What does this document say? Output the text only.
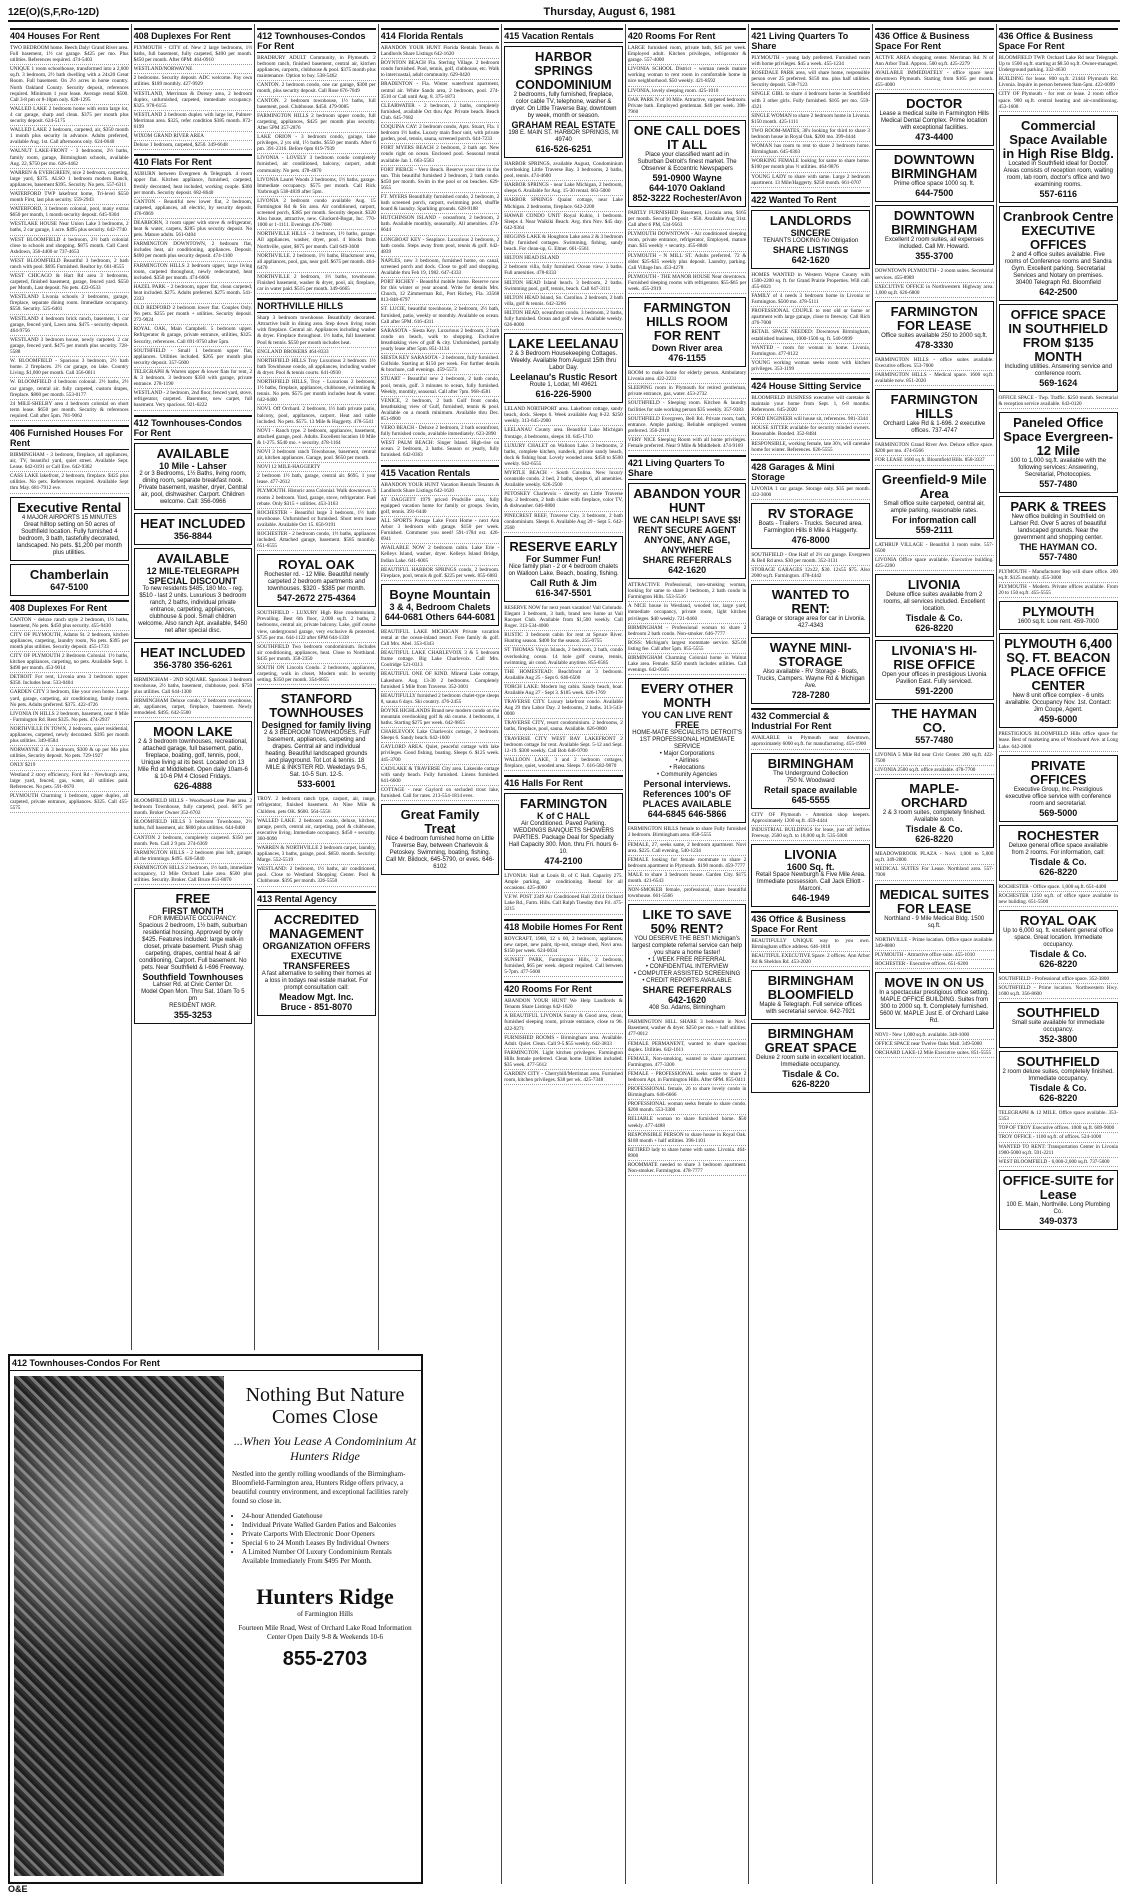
12E(O)(S,F,Ro-12D)	Thursday, August 6, 1981
404 Houses For Rent
TWO BEDROOM home. Beech Daly/ Grand River area. Full basement, 1½ car garage. $425 per mo. Plus utilities. References required. 474-5403
UNIQUE 1 room schoolhouse, transformed into a 2,000 sq.ft. 3 bedroom, 2½ bath dwelling with a 24x20 Great Room. Full basement. On 2½ acres in horse country. North Oakland County. Security deposit, references required. Minimum 1 year lease. Average rental $500. Call 3-8 pm or 8-10pm only. 628-1295
WALLED LAKE 2 bedroom home with extra large lot, 4 car garage, sharp and clean. $375 per month plus security deposit. 624-5175
WALLED LAKE 2 bedroom, carpeted, air, $350 month 1 month plus security in advance. Adults preferred, available Aug. 1st. Call afternoons only. 624-0640
WALNUT LAKE-FRONT - 3 bedrooms, 2½ baths, family room, garage, Birmingham schools, available Aug. 22, $750 per mo. 626-4462
WARREN & EVERGREEN, nice 2 bedroom, carpeting, large yard, $375. ALSO 1 bedroom modern Ranch, appliances, basement $395. Security. No pets. 557-6311
WATERFORD TWP lakefront home, Tri-level $550 month First, last plus security. 559-2943
WATERFORD, 3 bedroom colonial, pool, many extras $650 per month, 1 month security deposit. 645-9304
WESTLAKE HOUSE Near Union Lake 3 bedrooms, 2 baths, 2 car garage, 1 acre. $495 plus security. 642-7740
WEST BLOOMFIELD 4 bedroom, 2½ bath colonial close to schools and shopping. $875 month. Call Carol Ashdown, 356-4400 or 737-4653
WEST BLOOMFIELD Beautiful 3 bedroom, 2 bath ranch with pool. $695 Furnished. Realtor by. 661-8555
WEST CHICAGO & Hart Rd area 3 bedrooms, carpeted, finished basement, garage, fenced yard. $550 per Month, Last deposit. No pets. 422-0533
WESTLAND Livonia schools 3 bedrooms, garage, fireplace, separate dining room. Immediate occupancy. $550. Security. 525-6461
WESTLAND 4 bedroom brick ranch, basement, 1 car garage, fenced yard, Lawn area. $475 - security deposit. 464-9756
WESTLAND 3 bedroom house, newly carpeted. 2 car garage, fenced yard. $475 per month plus security. 728-5588
W. BLOOMFIELD - Spacious 3 bedroom, 2½ bath home. 2 fireplaces. 2½ car garage, on lake. Country Living. $1,000 per month. Call 356-0611
W. BLOOMFIELD 4 bedroom colonial. 2½ baths, 2½ car garage, central air. fully carpeted, custom drapes, fireplace. $800 per month. 553-0177
24 MILE-SHELBY area 4 bedroom colonial on short term lease. $650 per month. Security & references required. Call after 5pm. 781-9062
406 Furnished Houses For Rent
BIRMINGHAM - 3 bedroom, fireplace, all appliances, air, TV, beautiful yard, quiet street. Available Sept. Lease. 642-0191 or Call Eve. 642-9362
CASS LAKE lakefront, 2 bedroom, fireplace. $425 plus utilities. No pets. References required. Available Sept thru May. 681-7912 eve.
Executive Rental
4 MAJOR AIRPORTS 15 MINUTES Great hilltop setting on 50 acres of Southfield location. Fully furnished 4 bedroom, 3 bath, tastefully decorated, landscaped. No pets. $1,200 per month plus utilities.
Chamberlain
647-5100
408 Duplexes For Rent
CANTON - deluxe ranch style 2 bedroom, 1½ baths, basement, No pets. $450 plus security. 455-9430
CITY OF PLYMOUTH, Adams St. 2 bedroom, kitchen appliances, carpeting, laundry room, No pets. $395 per month plus utilities. Security deposit. 455-1733
CITY OF PLYMOUTH 2 Bedroom Colonial. 1½ baths, kitchen appliances, carpeting, no pets. Available Sept. 1. $490 per month. 453-9014
DETROIT For rent, Livonia area 3 bedroom upper. $350. Includes heat. 533-0404
GARDEN CITY 3 bedroom, like your own home. Large yard, garage, carpeting, air conditioning, family room. No pets. Adults preferred. $375. 422-4726
LIVONIA IN HILLS 2 bedroom, basement, near 8 Mile - Farmington Rd. Rent $325. No pets. 474-2937
NORTHVILLE IN TOWN, 2 bedroom, quiet residential, appliances, carpeted, newly decorated. $395 per month plus utilities. 349-0584
NORWAYNE 2 & 3 bedroom, $300 & up per Mo plus utilities, Security deposit. No pets. 729-1927
ONLY $219
Westland 2 story efficiency, Ford Rd - Newburgh area, large yard, fenced, gas, water, all utilities paid. References. No pets. 591-0670
PLYMOUTH Charming 1 bedroom, upper duplex, all carpeted, private entrance, appliances. $325. Call 455-5575
408 Duplexes For Rent
PLYMOUTH - CITY of. New 2 large bedrooms, 1½ baths, full basement, fully carpeted, $400 per month. $450 per month. After 6PM: 464-0910
WESTLAND/NORWAYNE
2 bedrooms. Security deposit. ADC welcome. Pay own utilities. $189 monthly. 427-9929
WESTLAND, Merriman & Dorsey area, 2 bedroom duplex, unfurnished, carpeted, immediate occupancy. $325. 978-6155
WESTLAND 2 bedroom duplex with large lot, Palmer-Merriman area. $325, refer condition $385 month. 872-6199
WIXOM GRAND RIVER AREA
Deluxe 1 bedroom, carpeted, $250. 349-6648
410 Flats For Rent
AUBURN between Evergreen & Telegraph. 4 room upper flat. Kitchen appliance, furnished, carpeted, freshly decorated, heat included, working couple. $360 per month. Security deposit. 682-8640
CANTON - Beautiful new lower flat, 2 bedroom, carpeted, appliances, all electric, by security deposit. 476-6969
DEARBORN, 3 room upper with stove & refrigerator, heat & water, carpets, $285 plus security deposit. No pets. Mature adults. 561-0404
FARMINGTON DOWNTOWN, 2 bedroom flat, includes heat, air conditioning, appliances. Deposit. $400 per month plus security deposit. 474-1100
FARMINGTON HILLS 2 bedroom upper, large living room, carpeted throughout, newly redecorated, heat included. $350 per month. 474-6606
HAZEL PARK - 2 bedroom, upper flat, clean carpeted, heat included. $275. Adults preferred. $275 month. 541-2333
OLD REDFORD 2 bedroom lower flat. Couples Only. No pets. $255 per month + utilities. Security deposit. 272-9024
ROYAL OAK, Main Campbell. 5 bedroom upper. Refrigerator & garage, private entrance, utilities, $325. Security, references. Call 691-9750 after 5pm.
SOUTHFIELD - Small 1 bedroom upper flat, appliances. Utilities included. $265 per month plus security deposit. 357-5600
TELEGRAPH & Warren upper & lower flats for rent, 2 & 3 bedroom. 3 bedroom $350 with garage, private entrance. 278-1190
WESTLAND - 2 bedroom, 2nd floor, fenced yard, stove, refrigerator, carpeted. Basement, new carpet, full basement. Very spacious. 921-6222
412 Townhouses-Condos For Rent
AVAILABLE
10 Mile - Lahser
2 or 3 Bedrooms, 1½ Baths, living room, dining room, separate breakfast nook. Private basement, washer, dryer, Central air, pool, dishwasher. Carport. Children welcome. Call: 356-0966
HEAT INCLUDED
356-8844
AVAILABLE
12 MILE-TELEGRAPH SPECIAL DISCOUNT
To new residents $485, 180 Mo. - reg. $510 - last 2 units. Luxurious 3 bedroom ranch, 2 baths, individual private entrance, carpeting, appliances, clubhouse & pool. Small children welcome. Also ranch Apt. available, $450 net after special disc.
HEAT INCLUDED
356-3780 356-6261
BIRMINGHAM - 2ND SQUARE. Spacious 3 bedroom townhouse, 2½ baths, basement, clubhouse, pool. $750 plus utilities. Call 644-1300
BIRMINGHAM Deluxe condo, 2 bedroom townhouse, air, appliances, carpet, fireplace, basement. Newly remodeled. $495. 642-5500
MOON LAKE
2 & 3 bedroom townhouses, recreational, attached garage, full basement, patio, fireplace, boating, golf, tennis, pool, Unique living at its best. Located on 13 Mile Rd at Middlebelt. Open daily 10am-6 & 10-6 PM 4 Closed Fridays.
626-4888
BLOOMFIELD HILLS - Woodward-Lone Pine area. 2 bedroom Townhouse, fully carpeted, pool. $675 per month. Broker Owner 352-6702
BLOOMFIELD HILLS 3 bedroom Townhouse, 2½ baths, full basement, air. $800 plus utilities. 644-0400
CANTON 2 bedroom, completely carpeted. $350 per month. Pets. Call 2 9 pm. 274-6369
FARMINGTON HILLS - 2 bedroom plus loft, garage, all the trimmings. $495. 626-5840
FARMINGTON HILLS 2 bedroom, 1½ bath, immediate occupancy, 12 Mile Orchard Lake area. $500 plus utilities. Security. Broker. Call Bruce 851-8070
FREE
FIRST MONTH
FOR IMMEDIATE OCCUPANCY. Spacious 2 bedroom, 1½ bath, suburban residential housing. Approved by only $425. Features included: large walk-in closet, private basement. Plush shag carpeting, drapes, central heat & air conditioning, Carport. Full basement. No pets. Near Southfield & I-696 Freeway.
Southfield Townhouses
Lahser Rd. at Civic Center Dr.
Model Open Mon. Thru Sat. 10am To 5 pm
RESIDENT MGR.
355-3253
412 Townhouses-Condos For Rent
BRADBURY ADULT Community, in Plymouth. 2 bedroom ranch, finished basement, central air, kitchen appliances, carports, clubhouse & pool. $375 month plus maintenance. Option to buy. 538-5462
CANTON. 2 bedroom condo, one car garage, $300 per month, plus security deposit. Call Rose 676-7049
CANTON. 2 bedroom townhouse, 1½ baths, full basement, pool. Clubhouse. $450. 479-9085
FARMINGTON HILLS 2 bedroom upper condo, full carpeting, appliances, $425 per month plus security. After 5PM 357-2876
LAKE ORION - 3 bedroom condo, garage, lake privileges, 2 yrs old, 1½ baths. $550 per month. After 6 pm. 391-2316. Before 6pm 619-7939
LIVONIA - LOVELY 3 bedroom condo completely furnished, air conditioned, balcony, carport, adult community. No pets. 478-4870
LIVONIA Laurel Woods 2 bedrooms, 1½ baths, garage. Immediate occupancy. $575 per month. Call Rick Yarbrough 538-4839 after 5pm.
LIVONIA 2 bedroom condo available Aug. 15 Farmington Rd & Six area. Air conditioned, carport, screened porch, $385 per month. Security deposit. $320 Also house, attractive, new. Gluckerd-Bogat, Inc. 770-1000 or 1-1111. Evenings 476-7080
NORTHVILLE HILLS - 2 bedroom, 1½ baths, garage. All appliances, washer, dryer, pool. 4 blocks from Northville, quiet, $675 per month. Call 649-3600
NORTHVILLE. 2 bedroom, 1½ baths, Blackmoor area, all appliances, pool, gas, near golf. $675 per month. 464-6470
NORTHVILLE 2 bedroom, 1½ baths, townhouse. Finished basement, washer & dryer, pool, air, fireplace, car in water paid. $515 per month. 349-6665
NORTHVILLE HILLS
Sharp 3 bedroom townhouse. Beautifully decorated. Attractive built in dining area. Step down living room with fireplace. Central air. Appliances including washer & dryer. Fireplace throughout. 1½ baths, full basement. Pool & tennis. $550 per month includes heat.
ENGLAND BROKERS 464-8333
NORTHFIELD HILLS Troy Luxurious 2 bedroom. 1½ bath Townhouse condo, all appliances, including washer & dryer. Pool & tennis courts. 641-0930
NORTHFIELD HILLS, Troy - Luxurious 2 bedroom, 1½ baths, fireplace, appliances, clubhouse, swimming & tennis. No pets. $575 per month includes heat & water. 642-6400
NOVI. Off Orchard. 2 bedroom, 1½ bath private patio, balcony, pool, appliances, carport. Heat and cable included. No pets. $575. 13 Mile & Haggerty. 478-5541
NOVI - Ranch type. 2 bedroom, appliances, basement, attached garage, pool. Adults. Excellent location 10 Mile & 1-275. $540 mo. + security. 478-1164
NOVI 3 bedroom ranch Townhouse, basement, central air, kitchen appliances. Garage, pool. $650 per month.
NOVI 12 MILE-HAGGERTY
2 bedroom 1½ bath, garage, central air. $695. 1 year lease. 477-2612
PLYMOUTH. Historic area Colonial. Walk downtown. 3 rooms 2 bedroom. Yard, garage, stove, refrigerator. Fuel rebate. Only $315 + utilities. 453-3163
ROCHESTER - Beautiful large 3 bedroom, 1½ bath townhouse. Unfurnished or furnished. Short term lease available. Available Oct 15. 656-9191
ROCHESTER - 2 bedroom condo, 1½ baths, appliances included. Attached garage, basement. $585 monthly. 651-6555
ROYAL OAK
Rochester rd. - 12 Mile. Beautiful newly carpeted 2 bedroom apartments and townhouses. $320 - $385 per month.
547-2672 275-4364
SOUTHFIELD - LUXURY High Rise condominium, Prevailing. Best 6th floor, 2,000 sq.ft. 2 baths, 2 bedrooms, central air, private balcony. Lake, golf course view, underground garage, very exclusive & protected. $725 per mo. 644-1122 after 6PM 644-1338
SOUTHFIELD Two bedroom condominium. Includes air conditioning, appliances, heat. Close to Northland. $435 per month. 358-2350
SOUTH ON Lincoln Condo. 2 bedrooms, appliances, carpeting, walk in closet, Modern unit. In security setting. $350 per month. 354-6855
STANFORD TOWNHOUSES
Designed for family living
2 & 3 BEDROOM TOWNHOUSES. Full basement, appliances, carpeting and drapes. Central air and individual heating. Beautiful landscaped grounds and playground. Tot Lot & tennis. 18 MILE & INKSTER RD. Weekdays 9-5, Sat. 10-5 Sun. 12-5.
533-6001
TROY. 2 bedroom ranch type, carport, air, range, refrigerator, finished basement. At Nine Mile & Children. pets OK. $600. 564-5556
WALLED LAKE. 2 bedroom condo, deluxe, kitchen, garage, porch, central air, carpeting, pool & clubhouse, executive living. Immediate occupancy. $450 + security. 360-0090
WARREN & NORTHVILLE 2 bedroom carpet, laundry, appliances, 3 baths, garage, pool. $850. month. Security. Marge. 552-5519
WESTLAND: 2 bedroom, 1½ baths, air conditioned, pool. Close to Westland Shopping Center. Pool & Clubhouse. $395 per month. 326-5550
413 Rental Agency
ACCREDITED MANAGEMENT
ORGANIZATION OFFERS EXECUTIVE TRANSFEREES
A fast alternative to selling their homes at a loss in todays real estate market. For prompt consultation call:
Meadow Mgt. Inc.
Bruce - 851-8070
414 Florida Rentals
ABANDON YOUR HUNT Florida Rentals Tennis & Landlords Share Listings 642-1620
BOYNTON BEACH Fla. Sterling Village. 2 bedroom condo furnished. Pool, tennis, golf, clubhouse, etc. Walk to intercoastal, adult community. 629-0420
BRADENTON - Fla. Winter waterfront apartment, central air. White Sands area, 2 bedroom, pool. 274-3510 or Call until Aug. 8. 375-1873
CLEARWATER - 2 bedroom, 2 baths, completely furnished, available Oct thru Apr. Private beach. Beach Club. 645-7682
COQUINA CAY: 2 bedroom condo, Apts. Stuart, Fla. 1 bedroom 1½ baths. Luxury main floor unit, with private garden, pool, tennis, sauna, screened porch. 644-7233
FORT MYERS BEACH 2 bedroom, 2 bath apt. New condo right on ocean. Enclosed pool. Seasonal rental available Jan 1. 663-5563
FORT PIERCE - Vero Beach. Reserve your time in the sun. This beautiful furnished 2 bedroom, 2 bath condo. $450 per month. Swim in the pool or on beaches. 629-5655
FT. MYERS Beautifully furnished condo, 2 bedroom, 2 bath screened porch, carport, swimming pool, shuffle board & laundry. Sparkling grounds. 628-9108
HUTCHINSON ISLAND - oceanfront, 2 bedroom, 2 bath. Available monthly, seasonally. All amenities. 474-6644
LONGBOAT KEY - Seaplace. Luxurious 2 bedroom, 2 bath condo. Steps away from pool, tennis & golf. 642-4839
NAPLES, new 3 bedroom, furnished home, on canal, screened porch and dock. Close to golf and shopping. Available thru Feb 19, 1982. 647-4333
PORT RICHEY - Beautiful mobile home. Reserve now for this winter or year around. Write for details Mrs. Church, 12 Zimmerman Rd., Port Richey, Fla. 33568 813-848-6797
ST. LUCIE, beautiful townhouse, 2 bedroom, 2½ bath, furnished, patio, weekly or monthly. Available on ocean. Call after 5PM. 616-4311
SARASOTA - Siesta Key. Luxurious 2 bedroom, 2 bath condo on beach, walk to shopping. Exclusive breathtaking view of gulf & city. Unfurnished, partially yearly lease after 5pm. 851-3134
SIESTA KEY SARASOTA - 2 bedroom, fully furnished. Gulfside. Starting at $150 per week. For further details & brochure, call evenings. 459-5573
STUART - Beautiful new 2 bedroom, 2 bath condo, pool, tennis, golf. 3 minutes to ocean, fully furnished. Weekly, monthly, seasonal. Call after 7pm. 968-4581
VENICE, 2 bedroom, 2 bath Gulf front condo, breathtaking view of Gulf, furnished, tennis & pool. Available on a month minimum. Available thru Dec. 851-8900
VERO BEACH - Deluxe 2 bedroom, 2 bath oceanfront, fully furnished condo, available immediately. 623-2890
WEST PALM BEACH: Singer Island. High-rise on ocean. 2 bedroom, 2 baths. Season or yearly, fully furnished. 642-0363
415 Vacation Rentals
ABANDON YOUR HUNT Vacation Rentals Tenants & Landlords Share Listings 642-1620
AT DAGGETT 1979 priced Prudville area, fully equipped vacation home for family or groups. Swim, golf, tennis. 391-6440
ALL SPORTS Portage Lake Front Home - next Ann Arbor 3 bedroom with garage. $150 per week. Furnished. Commuter you need! 591-1784 ext. 426-6941
AVAILABLE NOW 2 bedroom cabin. Lake Erie - Kelleys Island, washer, dryer. Kelleys Island Bridge, Indian Lake. 641-6005
BEAUTIFUL HARBOR SPRINGS condo, 2 bedroom. Fireplace, pool, tennis & golf. $225 per week. 855-6883
Boyne Mountain
3 & 4, Bedroom Chalets
644-0681 Others 644-6081
BEAUTIFUL LAKE MICHIGAN Private vacation rental at the ocean-inland resort. Fore family & golf. Call Mrs. Abel. 353-6343
BEAUTIFUL LAKE CHARLEVOIX 3 & 5 bedroom frame cottage. Big Lake Charlevoix. Call Mrs. Coolridge 521-0313
BEAUTIFUL ONE OF KIND. Mineral Lake cottage, Lakeshore. Aug. 13-30 2 bedrooms. Completely furnished 5 Mile from Traverse. 352-3001
BEAUTIFULLY furnished 2 bedroom chalet-type sleeps 8, sauna 6 days. Ski country. 476-2455
BOYNE HIGHLANDS Brand new modern condo on the mountain overlooking golf & ski course. 4 bedrooms, 4 baths. Starting $275 per week. 642-9855
CHARLEVOIX Lake Charlevoix cottage, 2 bedroom. Sleeps 6. Sandy beach. 642-1600
GAYLORD AREA. Quiet, peaceful cottage with lake privileges. Good fishing, boating. Sleeps 6. $125 week. 445-3700
CAD/LAKE & TRAVERSE City area. Lakeside cottage with sandy beach. Fully furnished. Linens furnished. 641-6600
COTTAGE - near Gaylord on secluded trout lake, furnished. Call for rates. 213-554-1814 eves.
Great Family Treat
Nice 4 bedroom furnished home on Little Traverse Bay, between Charlevoix & Petoskey. Swimming, boating, fishing. Call Mr. Bildock, 645-5790, or eves. 646-6102
415 Vacation Rentals
HARBOR SPRINGS CONDOMINIUM
2 bedrooms, fully furnished, fireplace, color cable TV, telephone, washer & dryer. On Little Traverse Bay, downtown by week, month or season.
GRAHAM REAL ESTATE
198 E. MAIN ST. HARBOR SPRINGS, MI 49740
616-526-6251
HARBOR SPRINGS, available August, Condominium overlooking Little Traverse Bay. 3 bedrooms, 2 baths, pool, tennis. 474-4600
HARBOR SPRINGS - near Lake Michigan, 2 bedroom, sleeps 6. Available for Aug. 15-30 rental. 663-5000
HARBOR SPRINGS Quaint cottage, near Lake Michigan. 2 bedrooms, fireplace. 642-2200
HAWAII CONDO UNIT Royal Kuhio, 1 bedroom. Sleeps 4. Near Waikiki Beach. Avg. thru Nov. $45 day. 642-9364
HIGGINS LAKE & Houghton Lake area 2 & 3 bedroom fully furnished cottages. Swimming, fishing, sandy beach. For clean-up, G. Eltner. 661-5561
HILTON HEAD ISLAND
2 bedroom villa, fully furnished. Ocean view. 3 baths. Full amenities. 478-8333
HILTON HEAD Island beach. 3 bedroom, 2 baths. Swimming pool, golf, tennis, beach. Call 647-3111
HILTON HEAD Island, So. Carolina. 2 bedroom, 2 bath villa, golf & tennis. 642-3266
HILTON HEAD, oceanfront condo. 3 bedroom, 2 baths, fully furnished. Ocean and golf views. Available weekly. 626-8000
LAKE LEELANAU
2 & 3 Bedroom Housekeeping Cottages. Weekly. Available from August 15th thru Labor Day.
Leelanau's Rustic Resort
Route 1, Lodar, MI 49621
616-226-5900
LELAND NORTHPORT area. Lakefront cottage, sandy beach, dock. Sleeps 6. Week available Aug 8-22. $250 weekly. 313-645-2900
LEELANAU County area. Beautiful Lake Michigan frontage, 4 bedrooms, sleeps 10. 645-1710
LUXURY CHALET on Walloon Lake. 3 bedrooms, 2 baths, complete kitchen, sundeck, private sandy beach, dock & fishing boat. Lovely wooded area. $450 to $500 weekly. 642-6555
MYRTLE BEACH - South Carolina. New luxury oceanside condo. 2 bed, 2 baths, sleeps 6, all amenities. Available weekly. 626-2500
PETOSKEY Charlevoix - directly on Little Traverse Bay. 2 bedroom, 2 bath chalet with fireplace, color TV, & dishwasher. 646-0800
PINECREST REEF, Traverse City. 3 bedroom, 2 bath condominium. Sleeps 6. Available Aug 29 - Sept 5. 642-2560
RESERVE EARLY
For Summer Fun!
Nice family plan - 2 or 4 bedroom chalets on Walloon Lake. Beach, boating, fishing.
Call Ruth & Jim
616-347-5501
RESERVE NOW for next years vacation! Vail Colorado. Elegant 3 bedroom, 3 bath, brand new home at Vail Racquet Club. Available from $1,500 weekly. Call Roger. 313-534-4000
RUSTIC 3 bedroom cabin for rent at Spruce River. Hunting season. $400 for the season. 255-0755
ST THOMAS Virgin Islands, 2 bedroom, 2 bath, condo overlooking ocean. 14 hole golf course, tennis, swimming, air cond. Available anytime. 855-6585
THE HOMESTEAD: Beachfront at 3 bedroom. Available Aug 25 - Sept 6. 646-6500
TORCH LAKE: Modern log cabin. Sandy beach, boat. Available Aug 27 - Sept 3. $185 week. 626-1769
TRAVERSE CITY. Luxury lakefront condo. Available Aug 29 thru Labor Day. 2 bedrooms, 2 baths. 313-543-0000
TRAVERSE CITY, resort condominium. 2 bedrooms, 2 baths, fireplace, pool, sauna. Available. 626-0800
TRAVERSE CITY WEST BAY LAKEFRONT 2 bedroom cottage for rent. Available Sept. 5-12 and Sept. 12-19. $300 weekly. Call Bob 646-9700
WALLOON LAKE, 3 and 2 bedroom cottages, fireplace, quiet, wooded area. Sleeps 7. 616-582-9870
416 Halls For Rent
FARMINGTON
K of C HALL
Air Conditioned. Paved Parking. WEDDINGS BANQUETS SHOWERS PARTIES. Package Deal for Specialty Hall Capacity 300. Mon. thru Fri. hours 6-10.
474-2100
LIVONIA: Hall at Louis R. of C Hall. Capacity 275. Ample parking, air conditioning. Rental for all occasions. 425-4000
V.F.W. POST 2349 Air Conditioned Hall 22414 Orchard Lake Rd., Farm. Hills. Call Ralph Tuesday thru Fri. 475-3215
418 Mobile Homes For Rent
ROYCRAFT, 1968, 12 x 60, 2 bedroom, appliances, new carpet, new paint, tip-out, storage shed, Novi area. $150 per week. 624-0034
SUNSET PARK, Farmington Hills, 2 bedroom, furnished, $65 per week. deposit required. Call between 5-7pm. 477-5600
420 Rooms For Rent
ABANDON YOUR HUNT We Help Landlords & Tenants Share Listings 642-1620
A BEAUTIFUL LIVONIA Sunny & Good area, clean, furnished sleeping room, private entrance, close to 96. 422-9271
FURNISHED ROOMS - Birmingham area. Available. Adult. Quiet. Clean. Call 9-5 $55 weekly. 642-3833
FARMINGTON. Light kitchen privileges. Farmington Hills female preferred. Clean home. Utilities included. $35 week. 477-5612
GARDEN CITY - Cherryhill/Merriman area. Furnished room, kitchen privileges. $38 per wk. 425-7348
420 Rooms For Rent
LARGE furnished room, private bath, $45 per week. Employed adult. Kitchen privileges, refrigerator & garage. 557-4000
LIVONIA SCHOOL District - woman needs mature working woman to rent room in comfortable home in nice neighborhood. $50 weekly. 421-8592
LIVONIA, lovely sleeping room. 425-1010
OAK PARK N of 10 Mile. Attractive, carpeted bedroom. Private bath. Employed gentleman. $40 per week. 398-7960
ONE CALL DOES IT ALL
Place your classified want ad in Suburban Detroit's finest market. The Observer & Eccentric Newspapers
591-0900 Wayne
644-1070 Oakland
852-3222 Rochester/Avon
PARTLY FURNISHED Basement, Livonia area, $165 per month. Security Deposit - $50. Available Aug 31st. Call after 6 PM, 534-9563
PLYMOUTH DOWNTOWN - Air conditioned sleeping room, private entrance, refrigerator, Employed, mature man. $35 weekly + security. 455-8846
PLYMOUTH - N MILL ST. Adults preferred. 72 & older. $25-$35 weekly plus deposit. Laundry, parking. Call Village Inn. 453-4278
PLYMOUTH - THE MANOR HOUSE Near downtown. Furnished sleeping rooms with refrigerator. $55-$65 per week. 455-2919
FARMINGTON HILLS ROOM FOR RENT
Down River area
476-1155
ROOM to make home for elderly person. Ambulatory Livonia area. 422-2231
SLEEPING room in Plymouth for retired gentleman, private entrance, gas, water. 453-2732
SOUTHFIELD - Sleeping room. Kitchen & laundry facilities for sale working person $35 weekly. 357-9383
SOUTHFIELD Evergreen, Bell Rd. Private room, bath, entrance. Ample parking. Reliable employed women preferred. 356-2918
VERY NICE Sleeping Room with all home privileges. Female preferred. Near 9 Mile & Middlebelt. 474-9169
421 Living Quarters To Share
ABANDON YOUR HUNT
WE CAN HELP! SAVE $$! RENT SECURE AGENT ANYONE, ANY AGE, ANYWHERE
SHARE REFERRALS
642-1620
ATTRACTIVE Professional, non-smoking woman, looking for same to share 3 bedroom, 2 bath condo in Farmington Hills. 553-5516
A NICE house in Westland, wooded lot, large yard, immediate occupancy, private room, light kitchen privileges. $40 weekly. 721-0460
BIRMINGHAM - Professional woman to share 2 bedroom 2 bath condo. Non-smoker. 646-7777
BOSS: Michigan's largest roommate service. $25.00 listing fee. Call after 5pm. 855-5555
BIRMINGHAM Charming Colonial home in Walnut Lake area. Female. $250 month includes utilities. Call evenings. 642-0505
EVERY OTHER MONTH
YOU CAN LIVE RENT FREE
HOME-MATE SPECIALISTS DETROIT'S 1ST PROFESSIONAL HOMEMATE SERVICE
• Major Corporations
• Airlines
• Relocations
• Community Agencies
Personal interviews. References 100's OF PLACES AVAILABLE
644-6845 646-5866
FARMINGTON HILLS female to share Fully furnished 2 bedroom. Birmingham area. 858-5555
FEMALE, 27, seeks same, 2 bedroom apartment. Novi area. $225. Call evening. 540-1234
FEMALE looking for female roommate to share 2 bedroom apartment in Plymouth. $190 month. 459-7777
MALE to share 3 bedroom house. Garden City. $175 month. 421-6543
NON-SMOKER female, professional, share beautiful townhouse. 661-5566
LIKE TO SAVE 50% RENT?
YOU DESERVE THE BEST! Michigan's largest complete referral service can help you share a home faster!
• 1 WEEK FREE REFERRAL
• CONFIDENTIAL INTERVIEW
• COMPUTER ASSISTED SCREENING
• CREDIT REPORTS AVAILABLE
SHARE REFERRALS
642-1620
408 So. Adams, Birmingham
FARMINGTON HILL SHARE 3 bedroom in Novi. Basement, washer & dryer. $250 per mo. + half utilities. 477-0012
FEMALE PERMANENT, wanted to share spacious duplex. Utilities. 642-1611
FEMALE, Non-smoking, wanted to share apartment. Farmington. 477-3300
FEMALE - PROFESSIONAL seeks same to share 2 bedroom Apt. in Farmington Hills. After 6PM. 855-0411
PROFESSIONAL female, 26 to share lovely condo in Birmingham. 646-6666
PROFESSIONAL woman seeks female to share condo. $200 month. 553-3300
RELIABLE woman to share furnished home. $50 weekly. 477-4488
RESPONSIBLE PERSON to share house in Royal Oak. $180 month + half utilities. 398-1101
RETIRED lady to share home with same. Livonia. 464-8900
ROOMMATE needed to share 3 bedroom apartment. Non-smoker. Farmington. 478-7777
421 Living Quarters To Share
PLYMOUTH - young lady preferred. Furnished room with home privileges. $45 a week. 455-1234
ROSEDALE PARK area, will share home, responsible person over 25 preferred. $150 mo. plus half utilities. Security deposit. 538-7123
SINGLE GIRL to share 4 bedroom home in Southfield with 3 other girls. Fully furnished. $165 per mo. 559-4321
SINGLE WOMAN to share 2 bedroom home in Livonia. $150 month. 425-1111
TWO ROOM-MATES, 30's looking for third to share 3 bedroom house in Royal Oak. $200 mo. 399-4444
WOMAN has room to rent to share 2 bedroom home. Birmingham. 645-0303
WORKING FEMALE looking for same to share home. $100 per month plus ½ utilities. 464-9876
YOUNG LADY to share with same. Large 2 bedroom apartment. 13 Mile/Haggerty. $250 month. 661-0707
422 Wanted To Rent
LANDLORDS
SINCERE
TENANTS LOOKING No Obligation
SHARE LISTINGS
642-1620
HOMES WANTED in Western Wayne County with 1500-2200 sq. ft. for Grand Prairie Properties. Will call. 455-6021
FAMILY of 4 needs 3 bedroom home in Livonia or Farmington. $500 mo. 478-5111
PROFESSIONAL COUPLE to rent old or home or apartment with large garage, close to freeway. Call Rich 476-7000
RETAIL SPACE NEEDED: Downtown Birmingham, established business, 1000-1500 sq. ft. 540-9999
WANTED - room for woman in home. Livonia, Farmington. 477-0122
YOUNG working woman seeks room with kitchen privileges. 353-1199
424 House Sitting Service
BLOOMFIELD BUSINESS executive will caretake & maintain your home from Sept. 1, 6-8 months. References. 645-2020
FORD ENGINEER will house sit, references. 981-3344
HOUSE SITTER available for security minded owners. Reasonable. Bonded. 352-8484
RESPONSIBLE, working female, late 30's, will caretake home for winter. References. 626-5555
428 Garages & Mini Storage
LIVONIA 1 car garage. Storage only. $35 per month. 422-3000
RV STORAGE
Boats - Trailers - Trucks. Secured area. Farmington Hills 8 Mile & Haggerty.
476-8000
SOUTHFIELD - One Half of 2½ car garage. Evergreen & Bell Rd area. $30 per month. 352-3131
STORAGE GARAGES 12x22, $30. 12x55 $75. Also 2000 sq.ft. Farmington. 478-4442
WANTED TO RENT:
Garage or storage area for car in Livonia. 427-4343
WAYNE MINI-STORAGE
Also available - RV Storage - Boats, Trucks, Campers. Wayne Rd & Michigan Ave.
728-7280
432 Commercial & Industrial For Rent
AVAILABLE in Plymouth near downtown, approximately 6000 sq.ft. for manufacturing. 455-1900
BIRMINGHAM
The Underground Collection
750 N. Woodward
Retail space available
645-5555
CITY OF Plymouth - Attention shop keepers. Approximately 1200 sq.ft. 459-4444
INDUSTRIAL BUILDINGS for lease, just off Jeffries Freeway. 2500 sq.ft. to 10,000 sq.ft. 535-5000
LIVONIA
1600 Sq. ft.
Retail Space Newburgh & Five Mile Area. Immediate possession. Call Jack Elliott - Marconi.
646-1949
436 Office & Business Space For Rent
BEAUTIFULLY UNIQUE way to you own. Birmingham office address. 646-1818
BEAUTIFUL EXECUTIVE Space. 2 offices. Ann Arbor Rd & Sheldon Rd. 453-2020
BIRMINGHAM BLOOMFIELD
Maple & Telegraph. Full service offices with secretarial service. 642-7921
BIRMINGHAM GREAT SPACE
Deluxe 2 room suite in excellent location. Immediate occupancy.
Tisdale & Co.
626-8220
436 Office & Business Space For Rent
ACTIVE AREA shopping center. Merriman Rd. N of Ann Arbor Trail. Approx. 500 sq.ft. 425-2279
AVAILABLE IMMEDIATELY - office space near downtown Plymouth. Starting from $165 per month. 455-4000
DOCTOR
Lease a medical suite in Farmington Hills Medical Dental Complex. Prime location with exceptional facilities.
473-4400
DOWNTOWN BIRMINGHAM
Prime office space 1000 sq. ft.
644-7500
DOWNTOWN BIRMINGHAM
Excellent 2 room suites, all expenses included. Call Mr. Howard.
355-3700
DOWNTOWN PLYMOUTH - 2 room suites. Secretarial services. 455-8989
EXECUTIVE OFFICE in Northwestern Highway area. 1,000 sq.ft. 626-6800
FARMINGTON FOR LEASE
Office suites available 250 to 2000 sq.ft.
478-3330
FARMINGTON HILLS - office suites available. Executive offices. 553-7000
FARMINGTON HILLS - Medical space. 1600 sq.ft. available now. 851-2020
FARMINGTON HILLS
Orchard Lake Rd & 1-696. 2 executive offices. 737-4747
FARMINGTON Grand River Ave. Deluxe office space. $200 per mo. 474-6566
FOR LEASE 1600 sq.ft. Bloomfield Hills. 858-3337
Greenfield-9 Mile Area
Small office suite carpeted, central air, ample parking, reasonable rates.
For information call
559-2111
LATHRUP VILLAGE - Beautiful 3 room suite. 557-6500
LIVONIA Office space available. Executive building. 425-2200
LIVONIA
Deluxe office suites available from 2 rooms, all services included. Excellent location.
Tisdale & Co.
626-8220
LIVONIA'S HI-RISE OFFICE
Open your offices in prestigious Livonia Pavilion East. Fully serviced.
591-2200
THE HAYMAN CO.
557-7480
LIVONIA 5 Mile Rd near Civic Center. 200 sq.ft. 422-7500
LIVONIA 2500 sq.ft. office available. 478-7700
MAPLE-ORCHARD
2 & 3 room suites, completely finished. Available soon.
Tisdale & Co.
626-8220
MEADOWBROOK PLAZA - Novi. 1,000 to 5,000 sq.ft. 349-2000
MEDICAL SUITES For Lease. Northland area. 557-7000
MEDICAL SUITES FOR LEASE
Northland - 9 Mile Medical Bldg. 1500 sq.ft.
NORTHVILLE - Prime location. Office space available. 349-8800
PLYMOUTH - Attractive office suite. 455-1010
ROCHESTER - Executive offices. 651-6200
MOVE IN ON US
In a spectacular prestigious office setting. MAPLE OFFICE BUILDING. Suites from 300 to 2000 sq. ft. Completely furnished.
5600 W. MAPLE Just E. of Orchard Lake Rd.
NOVI - New 1,000 sq.ft. available. 348-1000
OFFICE SPACE near Twelve Oaks Mall. 349-5000
ORCHARD LAKE-12 Mile Executive suites. 851-5555
436 Office & Business Space For Rent
BLOOMFIELD TWP. Orchard Lake Rd near Telegraph. Up to 1500 sq.ft. starting at $8.50 sq.ft. Owner-managed. Underground parking. 332-4630
BUILDING for lease. 800 sq.ft. 21444 Plymouth Rd. Livonia. Inquire in person between 9am-5pm. 422-0099
CITY OF Plymouth - for rent or lease. 2 room office space. 900 sq.ft. central heating and air-conditioning. 453-1600
Commercial Space Available in High Rise Bldg.
Located in Southfield ideal for Doctor. Areas consists of reception room, waiting room, lab room, doctor's office and two examining rooms.
557-6116
Cranbrook Centre EXECUTIVE OFFICES
2 and 4 office suites available. Five rooms of Conference rooms and Sandra Gym. Excellent parking. Secretarial Services and Notary on premises.
30400 Telegraph Rd. Bloomfield
642-2500
OFFICE SPACE IN SOUTHFIELD FROM $135 MONTH
Including utilities. Answering service and conference room.
569-1624
OFFICE SPACE - Twp. Traffic. $250 month. Secretarial & reception service available. 643-0120
Paneled Office Space Evergreen-12 Mile
100 to 1,000 sq.ft. available with the following services: Answering, Secretarial, Photocopies.
557-7480
PARK & TREES
New office building in Southfield on Lahser Rd. Over 5 acres of beautiful landscaped grounds. Near the government and shopping center.
THE HAYMAN CO.
557-7480
PLYMOUTH - Manufacturer Rep will share office. 200 sq.ft. $125 monthly. 455-3000
PLYMOUTH - Modern. Private offices available. From 20 to 150 sq.ft. 455-5555
PLYMOUTH
1600 sq.ft. Low rent. 459-7000
PLYMOUTH 6,400 SQ. FT. BEACON PLACE OFFICE CENTER
New 8 unit office complex - 6 units available. Occupancy Nov. 1st. Contact: Jim Coupe, Agent.
459-6000
PRESTIGIOUS BLOOMFIELD Hills office space for lease. Best of marketing area of Woodward Ave. at Long Lake. 642-2000
PRIVATE OFFICES
Executive Group, Inc. Prestigious executive office service with conference room and secretarial.
569-5000
ROCHESTER
Deluxe general office space available from 2 rooms. For information, call:
Tisdale & Co.
626-8220
ROCHESTER - Office space. 1,000 sq.ft. 651-4400
ROCHESTER 1250 sq.ft. of office space available in new building. 651-5500
ROYAL OAK
Up to 6,000 sq. ft. excellent general office space. Great location. Immediate occupancy.
Tisdale & Co.
626-8220
SOUTHFIELD - Professional office space. 352-3800
SOUTHFIELD - Prime location. Northwestern Hwy. 1600 sq.ft. 356-8600
SOUTHFIELD
Small suite available for immediate occupancy.
352-3800
SOUTHFIELD
2 room deluxe suites, completely finished. Immediate occupancy.
Tisdale & Co.
626-8220
TELEGRAPH & 12 MILE. Office space available. 353-5353
TOP OF TROY Executive offices. 1000 sq.ft. 689-9000
TROY OFFICE - 1100 sq.ft. of offices. 524-1000
WANTED TO RENT: Transportation Center in Livonia 1900-5000 sq.ft. 591-2211
WEST BLOOMFIELD - 6,000-2,000 sq.ft. 737-5000
OFFICE-SUITE for Lease
100 E. Main, Northville. Long Plumbing Co.
349-0373
412 Townhouses-Condos For Rent
Nothing But Nature Comes Close
...When You Lease A Condominium At Hunters Ridge
Nestled into the gently rolling woodlands of the Birmingham-Bloomfield-Farmington area, Hunters Ridge offers privacy, a beautiful country environment, and exceptional facilities rarely found so close in.
• 24-hour Attended Gatehouse
• Individual Private Walled Garden Patios and Balconies
• Private Carports With Electronic Door Openers
• Special 6 to 24 Month Leases By Individual Owners
• A Limited Number Of Luxury Condominium Rentals Available Immediately From $495 Per Month.
Hunters Ridge
of Farmington Hills
Fourteen Mile Road, West of Orchard Lake Road Information Center Open Daily 9-8 & Weekends 10-6
855-2703
O&E
